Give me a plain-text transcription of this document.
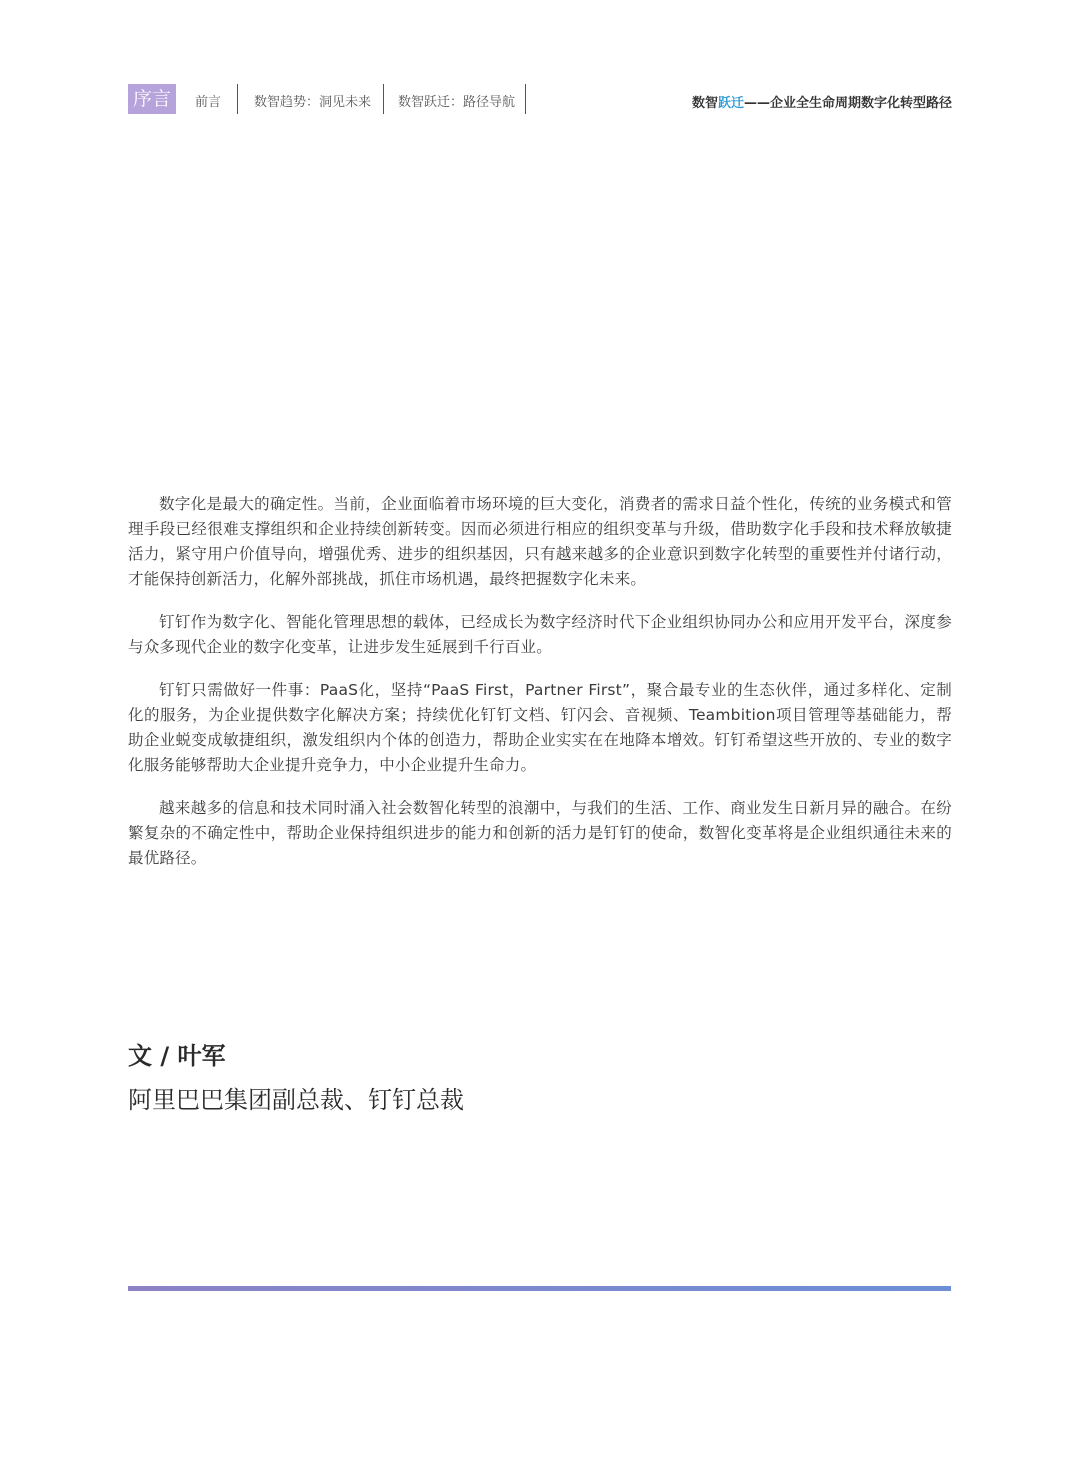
序言	前言	数智趋势：洞见未来 数智跃迁：路径导航	数智跃迁——企业全生命周期数字化转型路径

数字化是最大的确定性。当前，企业面临着市场环境的巨大变化，消费者的需求日益个性化，传统的业务模式和管理手段已经很难支撑组织和企业持续创新转变。因而必须进行相应的组织变革与升级，借助数字化手段和技术释放敏捷活力，紧守用户价值导向，增强优秀、进步的组织基因，只有越来越多的企业意识到数字化转型的重要性并付诸行动，才能保持创新活力，化解外部挑战，抓住市场机遇，最终把握数字化未来。

钉钉作为数字化、智能化管理思想的载体，已经成长为数字经济时代下企业组织协同办公和应用开发平台，深度参与众多现代企业的数字化变革，让进步发生延展到千行百业。

钉钉只需做好一件事：PaaS化，坚持“PaaS First，Partner First”，聚合最专业的生态伙伴，通过多样化、定制化的服务，为企业提供数字化解决方案；持续优化钉钉文档、钉闪会、音视频、Teambition项目管理等基础能力，帮助企业蜕变成敏捷组织，激发组织内个体的创造力，帮助企业实实在在地降本增效。钉钉希望这些开放的、专业的数字化服务能够帮助大企业提升竞争力，中小企业提升生命力。

越来越多的信息和技术同时涌入社会数智化转型的浪潮中，与我们的生活、工作、商业发生日新月异的融合。在纷繁复杂的不确定性中，帮助企业保持组织进步的能力和创新的活力是钉钉的使命，数智化变革将是企业组织通往未来的最优路径。

文 / 叶军
阿里巴巴集团副总裁、钉钉总裁
